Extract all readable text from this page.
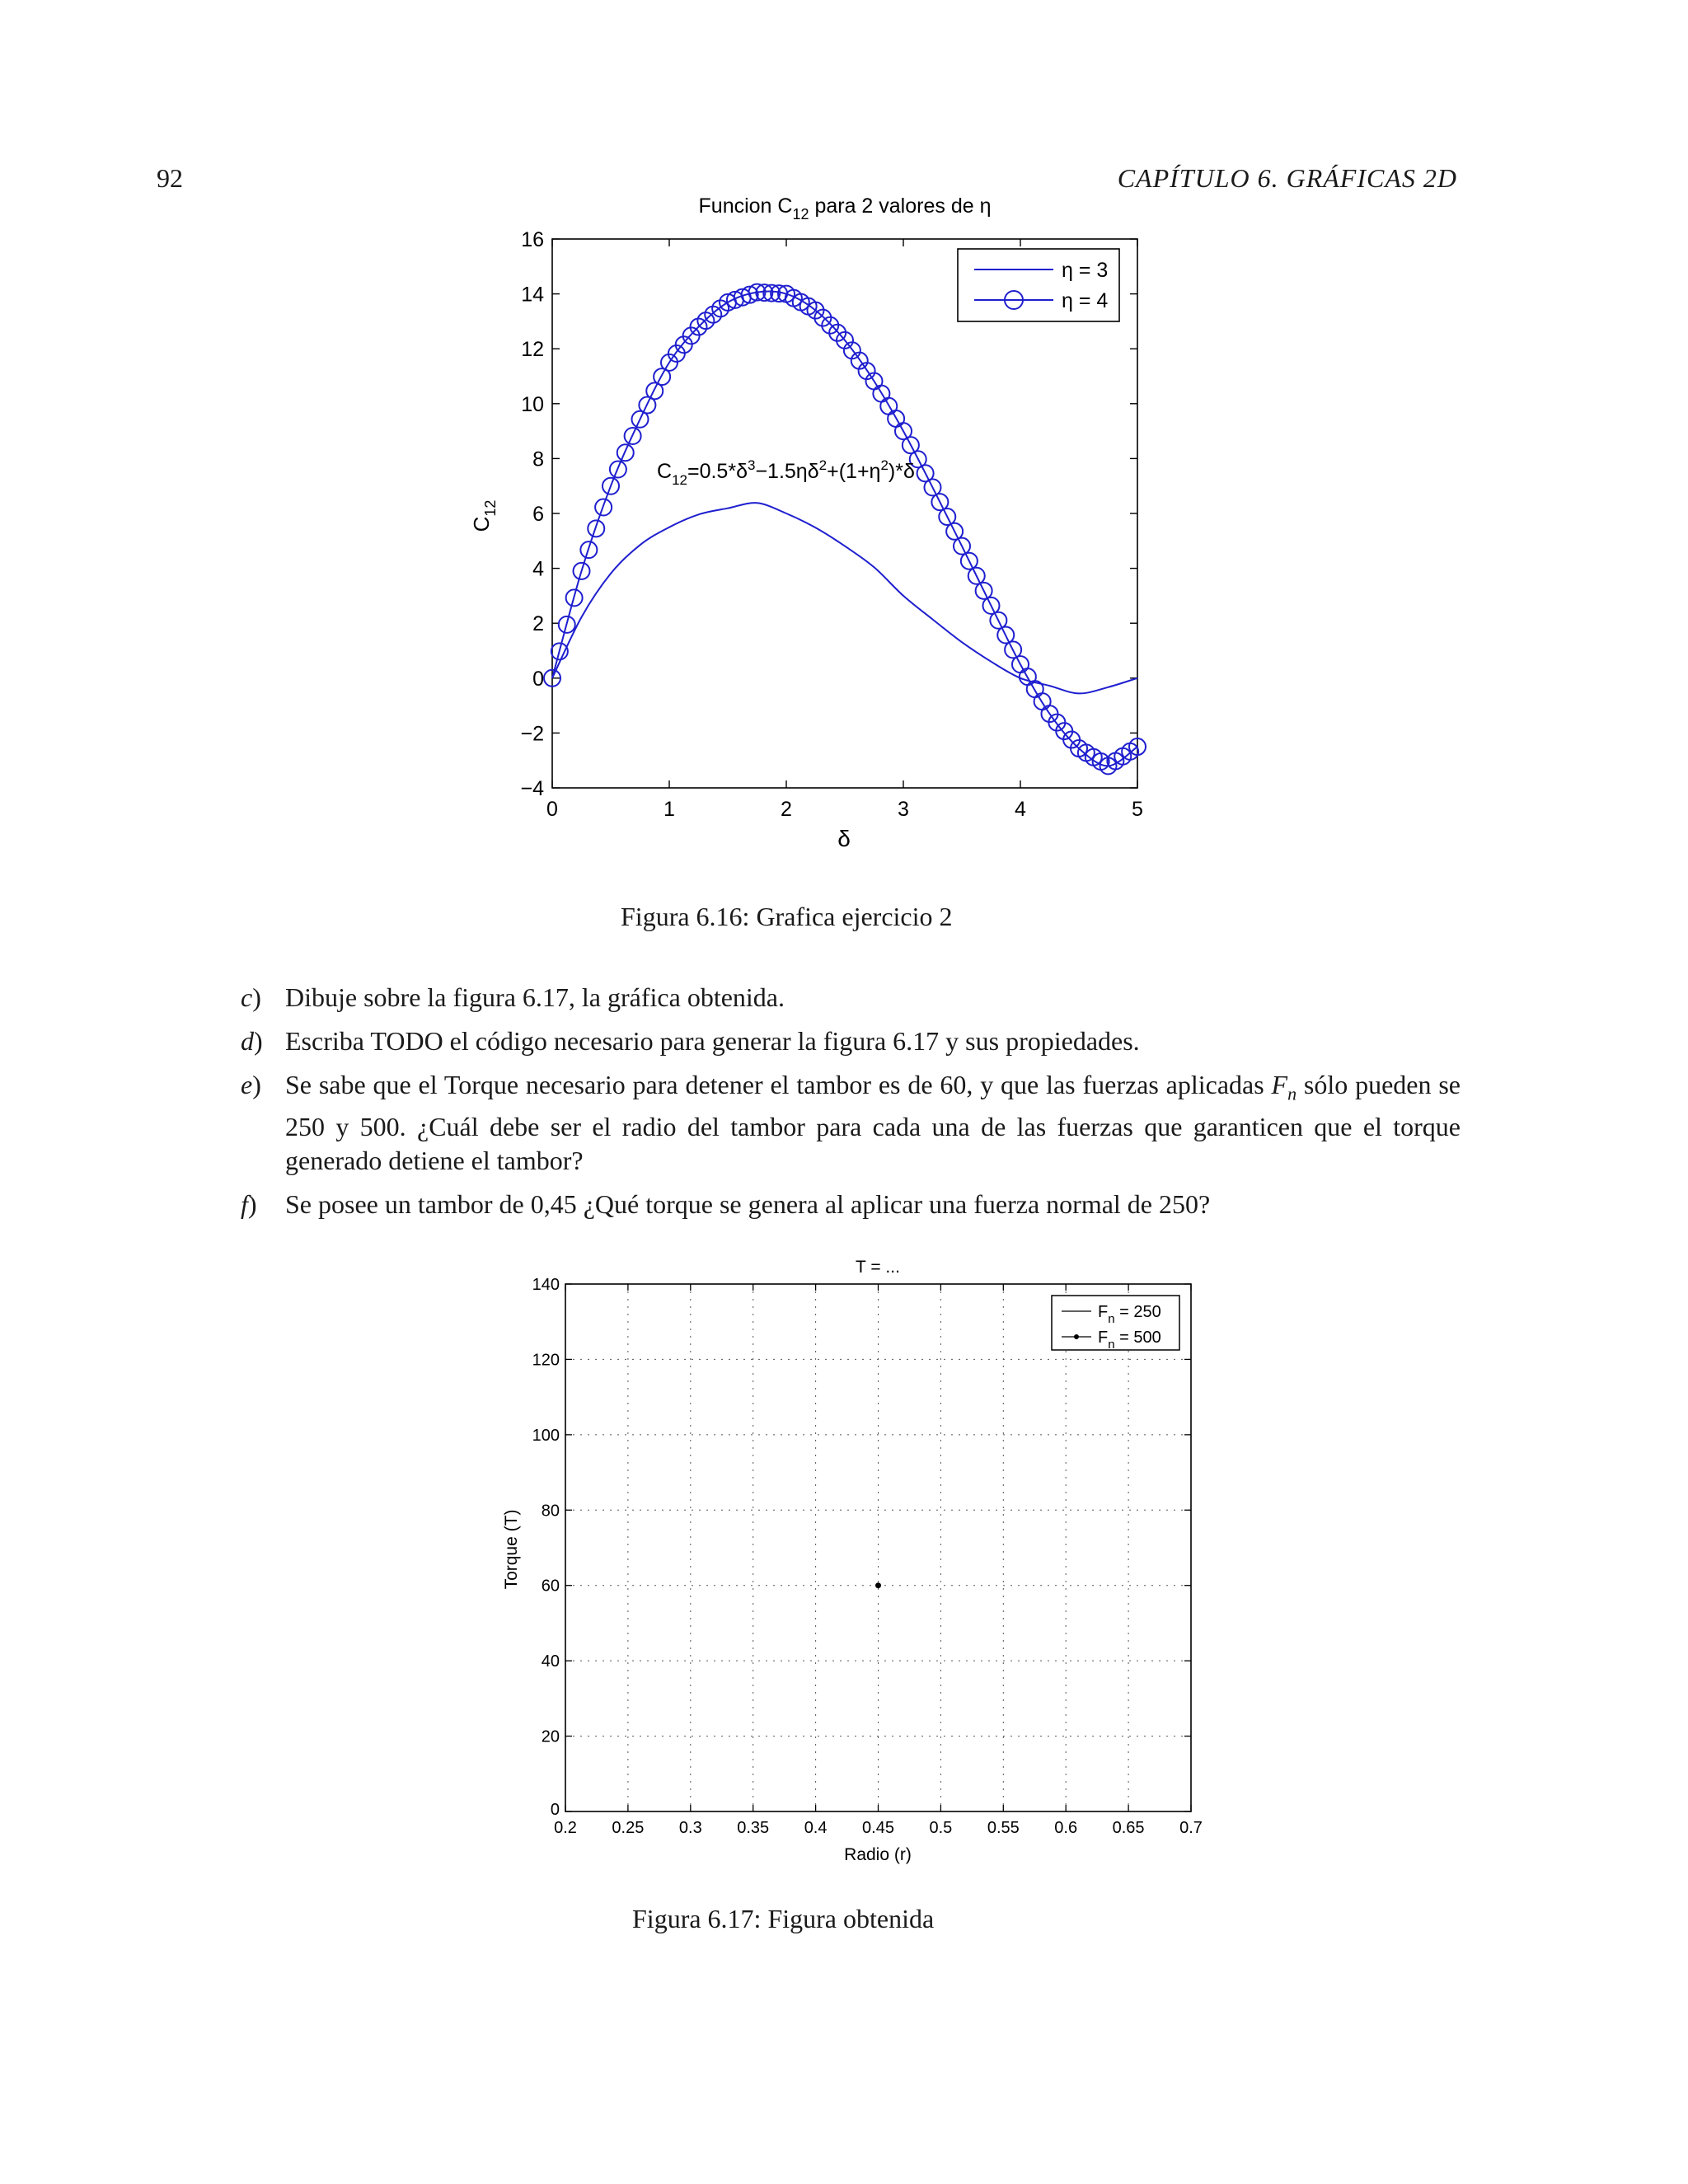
92	CAPÍTULO 6. GRÁFICAS 2D
Funcion $C_{12}$ para 2 valores de η
$C_{12}$
δ
0	1	2	3	4	5
−4
−2
0
2
4
6
8
10
12
14
16
η = 3
η = 4
$C_{12}=0.5*\delta^3-1.5\eta\delta^2+(1+\eta^2)*\delta$
Figura 6.16: Grafica ejercicio 2
c) Dibuje sobre la figura 6.17, la gráfica obtenida.
d) Escriba TODO el código necesario para generar la figura 6.17 y sus propiedades.
e) Se sabe que el Torque necesario para detener el tambor es de 60, y que las fuerzas aplicadas $F_n$ sólo pueden se 250 y 500. ¿Cuál debe ser el radio del tambor para cada una de las fuerzas que garanticen que el torque generado detiene el tambor?
f) Se posee un tambor de 0,45 ¿Qué torque se genera al aplicar una fuerza normal de 250?
T = ...
Torque (T)
Radio (r)
0.2 0.25 0.3 0.35 0.4 0.45 0.5 0.55 0.6 0.65 0.7
0
20
40
60
80
100
120
140
$F_n = 250$
$F_n = 500$
Figura 6.17: Figura obtenida
